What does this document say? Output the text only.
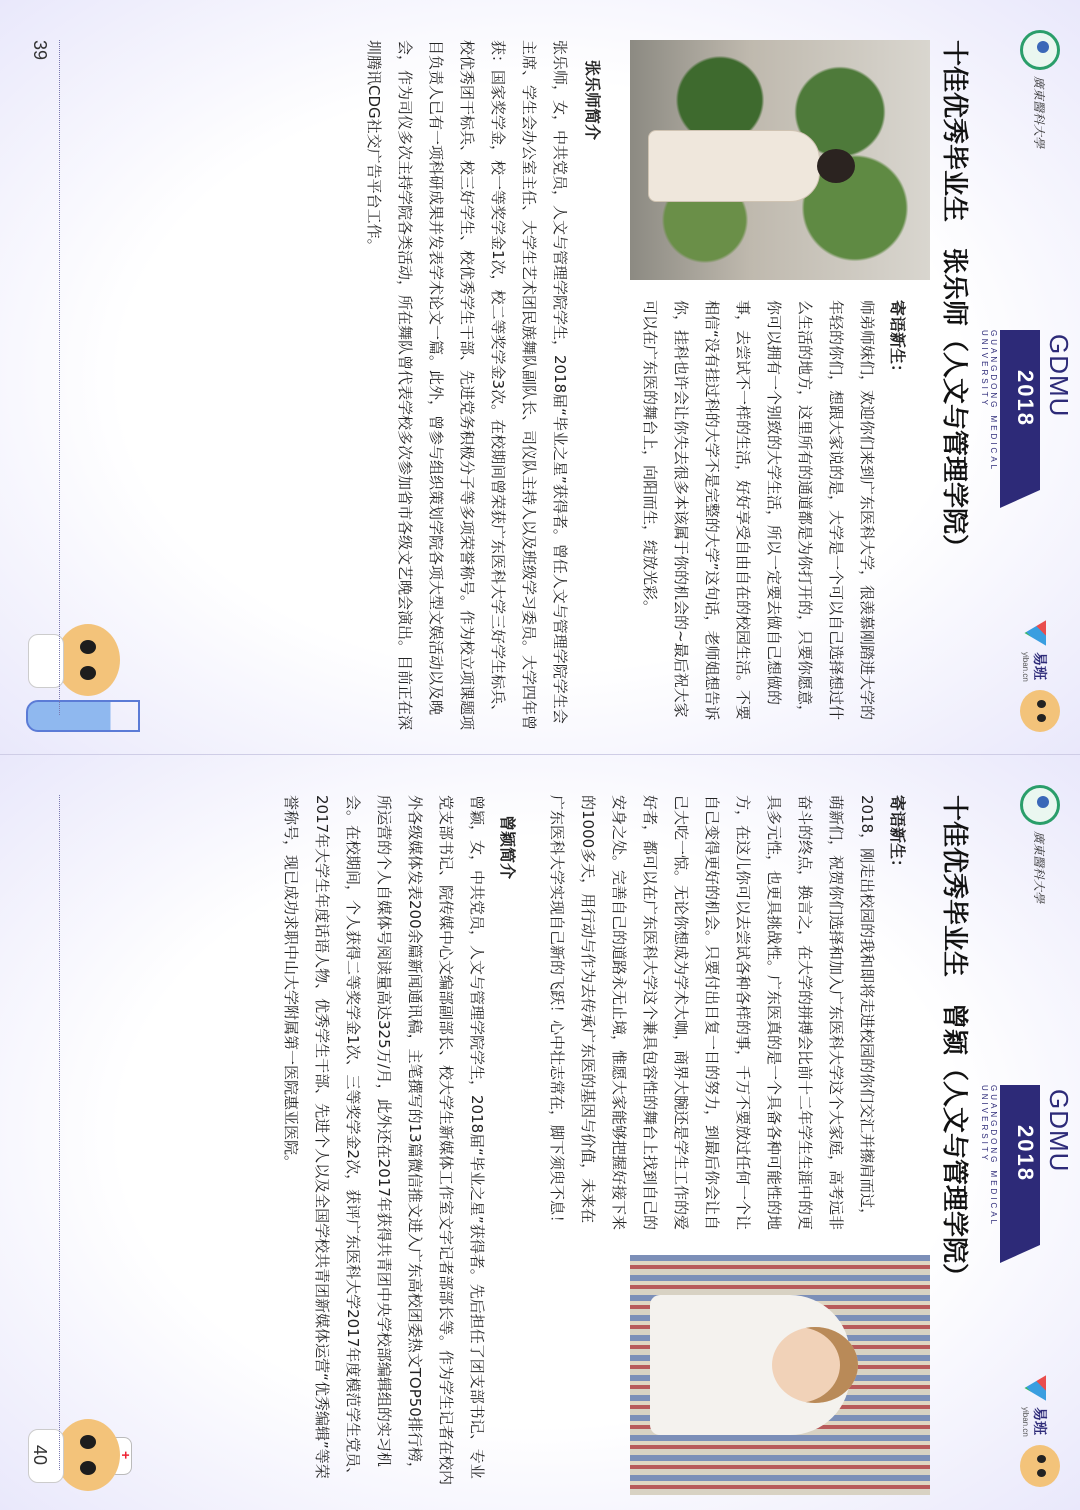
廣東醫科大學
GDMU
2018
GUANGDONG MEDICAL UNIVERSITY
易班
yiban.cn
十佳优秀毕业生　张乐师（人文与管理学院）
寄语新生：
师弟师妹们，欢迎你们来到广东医科大学，很羡慕刚踏进大学的年轻的你们，想跟大家说的是，大学是一个可以自己选择想过什么生活的地方，这里所有的通道都是为你打开的，只要你愿意，你可以拥有一个别致的大学生活，所以一定要去做自己想做的事，去尝试不一样的生活，好好享受自由自在的校园生活。不要相信“没有挂过科的大学不是完整的大学”这句话，老师姐想告诉你，挂科也许会让你失去很多本该属于你的机会的~最后祝大家可以在广东医的舞台上，向阳而生，绽放光彩。
张乐师简介
张乐师，女，中共党员，人文与管理学院学生，2018届“毕业之星”获得者。曾任人文与管理学院学生会主席、学生会办公室主任、大学生艺术团民族舞队副队长、司仪队主持人以及班级学习委员。大学四年曾获：国家奖学金，校一等奖学金1次，校二等奖学金3次。在校期间曾荣获广东医科大学三好学生标兵、校优秀团干标兵、校三好学生、校优秀学生干部、先进党务积极分子等多项荣誉称号。作为校立项课题项目负责人已有一项科研成果并发表学术论文一篇。此外，曾参与组织策划学院各项大型文娱活动以及晚会，作为司仪多次主持学院各类活动，所在舞队曾代表学校多次参加省市各级文艺晚会演出。目前正在深圳腾讯CDG社交广告平台工作。
39
廣東醫科大學
GDMU
2018
GUANGDONG MEDICAL UNIVERSITY
易班
yiban.cn
十佳优秀毕业生　曾颖（人文与管理学院）
寄语新生：
2018，刚走出校园的我和即将走进校园的你们交汇并擦肩而过，萌新们，祝贺你们选择和加入广东医科大学这个大家庭，高考远非奋斗的终点，换言之，在大学的拼搏会比前十二年学生生涯中的更具多元性，也更具挑战性。广东医真的是一个具备各种可能性的地方，在这儿你可以去尝试各种各样的事，千万不要放过任何一个让自己变得更好的机会。只要付出日复一日的努力，到最后你会让自己大吃一惊。无论你想成为学术大咖，商界大腕还是学生工作的爱好者，都可以在广东医科大学这个兼具包容性的舞台上找到自己的安身之处。完善自己的道路永无止境，惟愿大家能够把握好接下来的1000多天，用行动与作为去传承广东医的基因与价值，未来在广东医科大学实现自己新的飞跃！心中壮志常在，脚下须臾不息！
曾颖简介
曾颖，女，中共党员，人文与管理学院学生，2018届“毕业之星”获得者。先后担任了团支部书记、专业党支部书记、院传媒中心文编部副部长、校大学生新媒体工作室文字记者部部长等。作为学生记者在校内外各级媒体发表200余篇新闻通讯稿，主笔撰写的13篇微信推文进入广东高校团委热文TOP50排行榜，所运营的个人自媒体号阅读量高达325万/月，此外还在2017年获得共青团中央学校部编辑组的实习机会。在校期间，个人获得二等奖学金1次、三等奖学金2次，获评广东医科大学2017年度模范学生党员、2017年大学生年度话语人物、优秀学生干部、先进个人以及全国学校共青团新媒体运营“优秀编辑”等荣誉称号，现已成功求职中山大学附属第一医院惠亚医院。
+
40
